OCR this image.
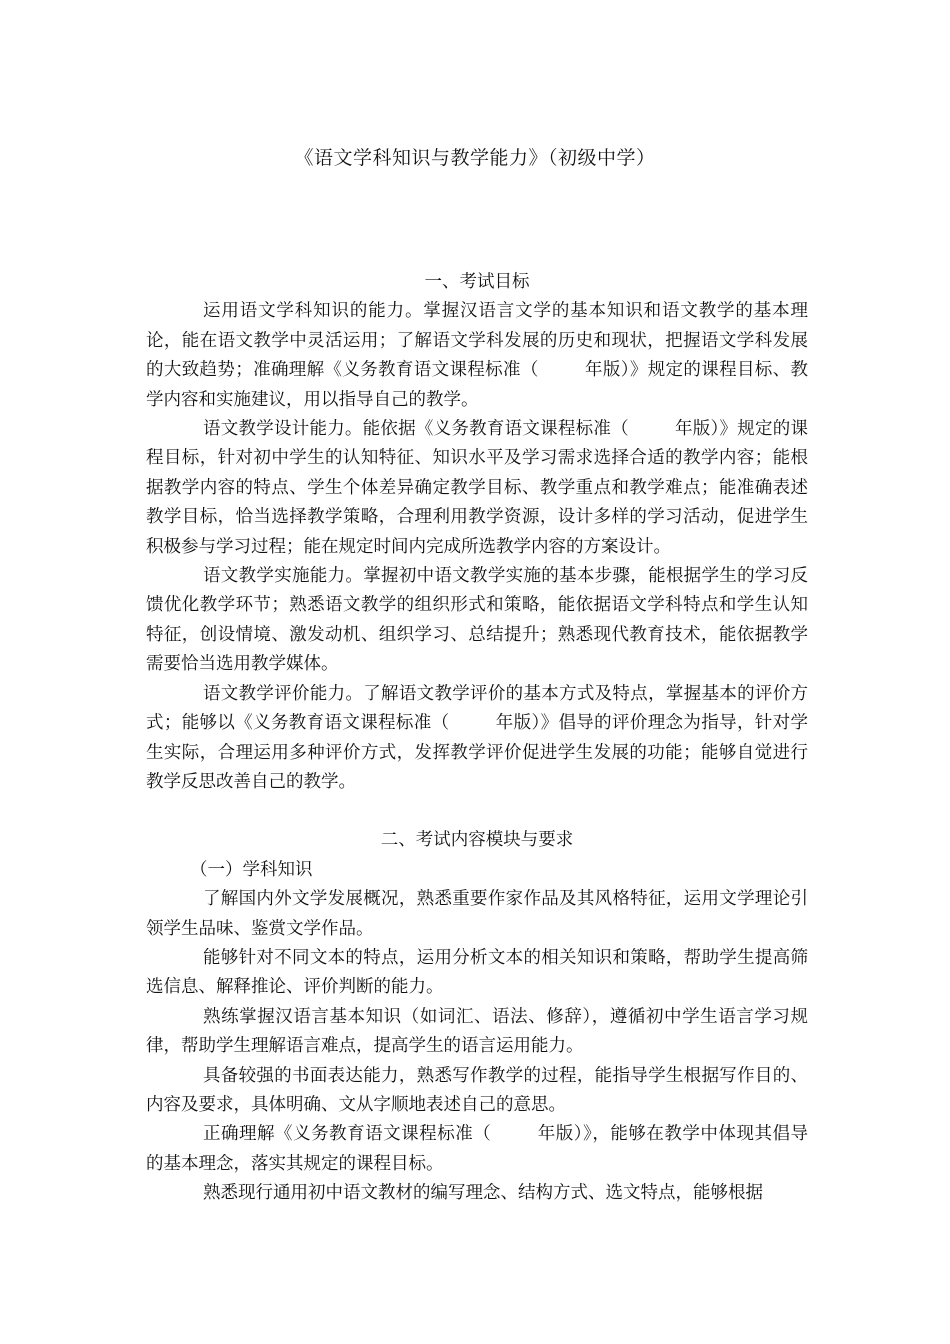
《语文学科知识与教学能力》（初级中学）
一、考试目标

运用语文学科知识的能力。掌握汉语言文学的基本知识和语文教学的基本理论，能在语文教学中灵活运用；了解语文学科发展的历史和现状，把握语文学科发展的大致趋势；准确理解《义务教育语文课程标准（	年版）》规定的课程目标、教学内容和实施建议，用以指导自己的教学。

语文教学设计能力。能依据《义务教育语文课程标准（	年版）》规定的课程目标，针对初中学生的认知特征、知识水平及学习需求选择合适的教学内容；能根据教学内容的特点、学生个体差异确定教学目标、教学重点和教学难点；能准确表述教学目标，恰当选择教学策略，合理利用教学资源，设计多样的学习活动，促进学生积极参与学习过程；能在规定时间内完成所选教学内容的方案设计。

语文教学实施能力。掌握初中语文教学实施的基本步骤，能根据学生的学习反馈优化教学环节；熟悉语文教学的组织形式和策略，能依据语文学科特点和学生认知特征，创设情境、激发动机、组织学习、总结提升；熟悉现代教育技术，能依据教学需要恰当选用教学媒体。

语文教学评价能力。了解语文教学评价的基本方式及特点，掌握基本的评价方式；能够以《义务教育语文课程标准（	年版）》倡导的评价理念为指导，针对学生实际，合理运用多种评价方式，发挥教学评价促进学生发展的功能；能够自觉进行教学反思改善自己的教学。

二、考试内容模块与要求

（一）学科知识

了解国内外文学发展概况，熟悉重要作家作品及其风格特征，运用文学理论引领学生品味、鉴赏文学作品。

能够针对不同文本的特点，运用分析文本的相关知识和策略，帮助学生提高筛选信息、解释推论、评价判断的能力。

熟练掌握汉语言基本知识（如词汇、语法、修辞），遵循初中学生语言学习规律，帮助学生理解语言难点，提高学生的语言运用能力。

具备较强的书面表达能力，熟悉写作教学的过程，能指导学生根据写作目的、内容及要求，具体明确、文从字顺地表述自己的意思。

正确理解《义务教育语文课程标准（	年版）》，能够在教学中体现其倡导的基本理念，落实其规定的课程目标。

熟悉现行通用初中语文教材的编写理念、结构方式、选文特点，能够根据
